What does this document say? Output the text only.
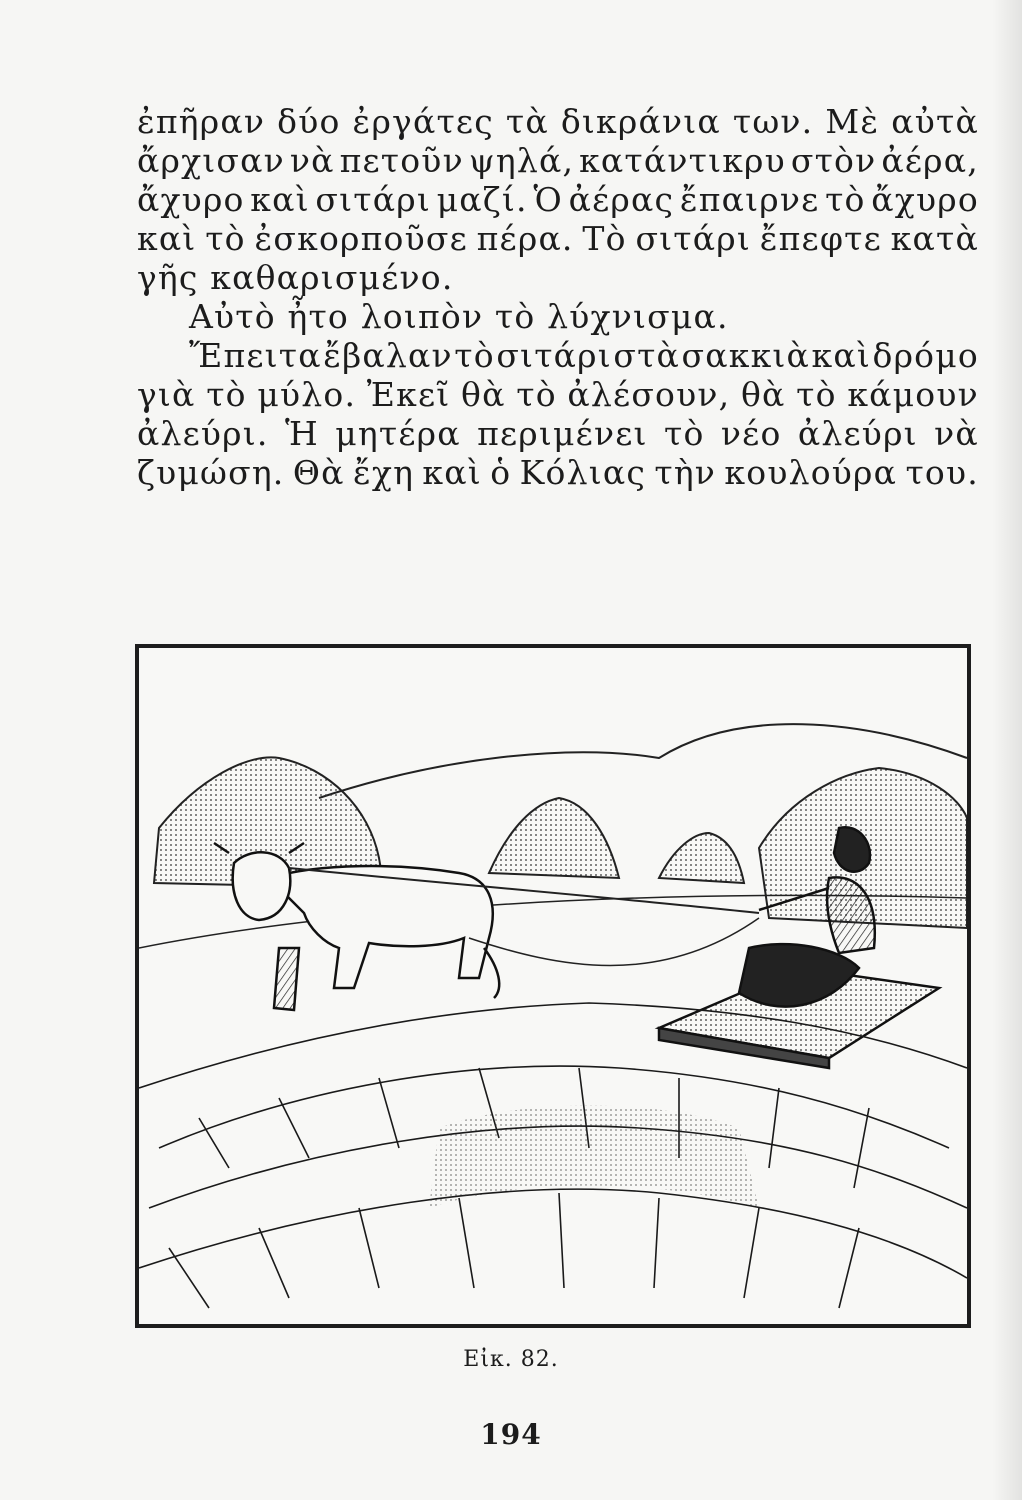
ἐπῆραν δύο ἐργάτες τὰ δικράνια των. Μὲ αὐτὰ
ἄρχισαν νὰ πετοῦν ψηλά, κατάντικρυ στὸν ἀέρα,
ἄχυρο καὶ σιτάρι μαζί. Ὁ ἀέρας ἔπαιρνε τὸ ἄχυρο
καὶ τὸ ἐσκορποῦσε πέρα. Τὸ σιτάρι ἔπεφτε κατὰ
γῆς καθαρισμένο.
Αὐτὸ ἦτο λοιπὸν τὸ λύχνισμα.
Ἔπειτα ἔβαλαν τὸ σιτάρι στὰ σακκιὰ καὶ δρόμο
γιὰ τὸ μύλο. Ἐκεῖ θὰ τὸ ἀλέσουν, θὰ τὸ κάμουν
ἀλεύρι. Ἡ μητέρα περιμένει τὸ νέο ἀλεύρι νὰ
ζυμώση. Θὰ ἔχη καὶ ὁ Κόλιας τὴν κουλούρα του.
Εἰκ. 82.
194
